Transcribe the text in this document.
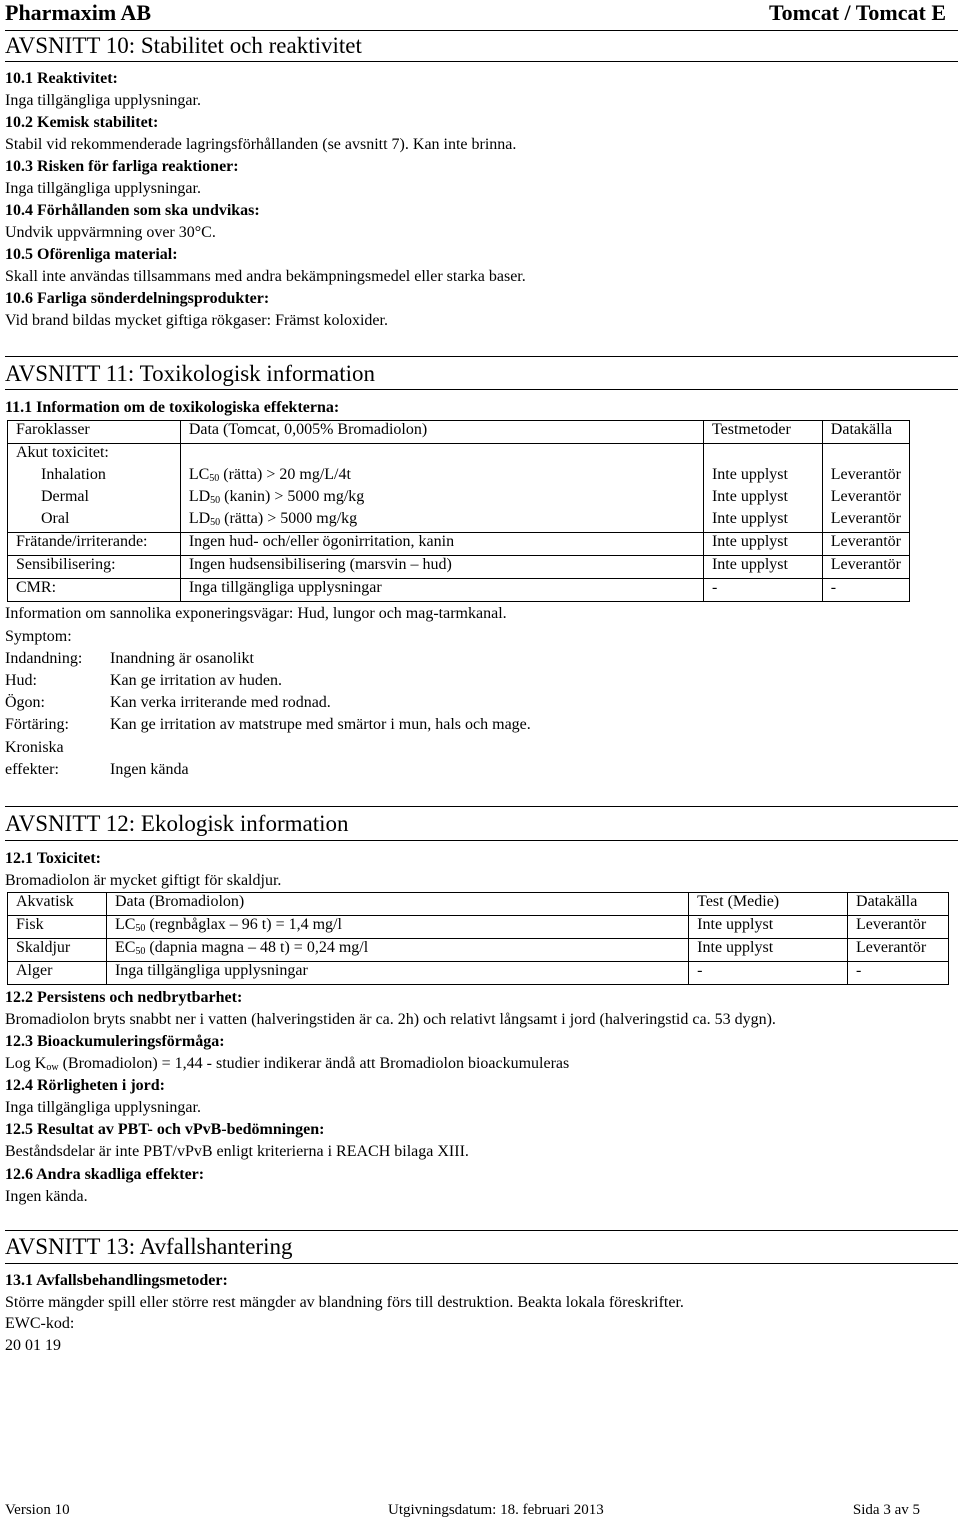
Pharmaxim AB	Tomcat / Tomcat E
AVSNITT 10: Stabilitet och reaktivitet
10.1 Reaktivitet:
Inga tillgängliga upplysningar.
10.2 Kemisk stabilitet:
Stabil vid rekommenderade lagringsförhållanden (se avsnitt 7). Kan inte brinna.
10.3 Risken för farliga reaktioner:
Inga tillgängliga upplysningar.
10.4 Förhållanden som ska undvikas:
Undvik uppvärmning over 30°C.
10.5 Oförenliga material:
Skall inte användas tillsammans med andra bekämpningsmedel eller starka baser.
10.6 Farliga sönderdelningsprodukter:
Vid brand bildas mycket giftiga rökgaser: Främst koloxider.
AVSNITT 11: Toxikologisk information
11.1 Information om de toxikologiska effekterna:
Faroklasser	Data (Tomcat, 0,005% Bromadiolon)	Testmetoder	Datakälla
Akut toxicitet:			
Inhalation	$LC_{50}$ (rätta) > 20 mg/L/4t	Inte upplyst	Leverantör
Dermal	$LD_{50}$ (kanin) > 5000 mg/kg	Inte upplyst	Leverantör
Oral	$LD_{50}$ (rätta) > 5000 mg/kg	Inte upplyst	Leverantör
Frätande/irriterande:	Ingen hud- och/eller ögonirritation, kanin	Inte upplyst	Leverantör
Sensibilisering:	Ingen hudsensibilisering (marsvin – hud)	Inte upplyst	Leverantör
CMR:	Inga tillgängliga upplysningar	-	-
Information om sannolika exponeringsvägar: Hud, lungor och mag-tarmkanal.
Symptom:
Indandning: Inandning är osanolikt
Hud:	Kan ge irritation av huden.
Ögon:	Kan verka irriterande med rodnad.
Förtäring:	Kan ge irritation av matstrupe med smärtor i mun, hals och mage.
Kroniska
effekter:	Ingen kända
AVSNITT 12: Ekologisk information
12.1 Toxicitet:
Bromadiolon är mycket giftigt för skaldjur.
Akvatisk	Data (Bromadiolon)	Test (Medie)	Datakälla
Fisk	$LC_{50}$ (regnbåglax – 96 t) = 1,4 mg/l	Inte upplyst	Leverantör
Skaldjur	$EC_{50}$ (dapnia magna – 48 t) = 0,24 mg/l	Inte upplyst	Leverantör
Alger	Inga tillgängliga upplysningar	-	-
12.2 Persistens och nedbrytbarhet:
Bromadiolon bryts snabbt ner i vatten (halveringstiden är ca. 2h) och relativt långsamt i jord (halveringstid ca. 53 dygn).
12.3 Bioackumuleringsförmåga:
Log $K_{ow}$ (Bromadiolon) = 1,44 - studier indikerar ändå att Bromadiolon bioackumuleras
12.4 Rörligheten i jord:
Inga tillgängliga upplysningar.
12.5 Resultat av PBT- och vPvB-bedömningen:
Beståndsdelar är inte PBT/vPvB enligt kriterierna i REACH bilaga XIII.
12.6 Andra skadliga effekter:
Ingen kända.
AVSNITT 13: Avfallshantering
13.1 Avfallsbehandlingsmetoder:
Större mängder spill eller större rest mängder av blandning förs till destruktion. Beakta lokala föreskrifter.
EWC-kod:
20 01 19
Version 10	Utgivningsdatum: 18. februari 2013	Sida 3 av 5
